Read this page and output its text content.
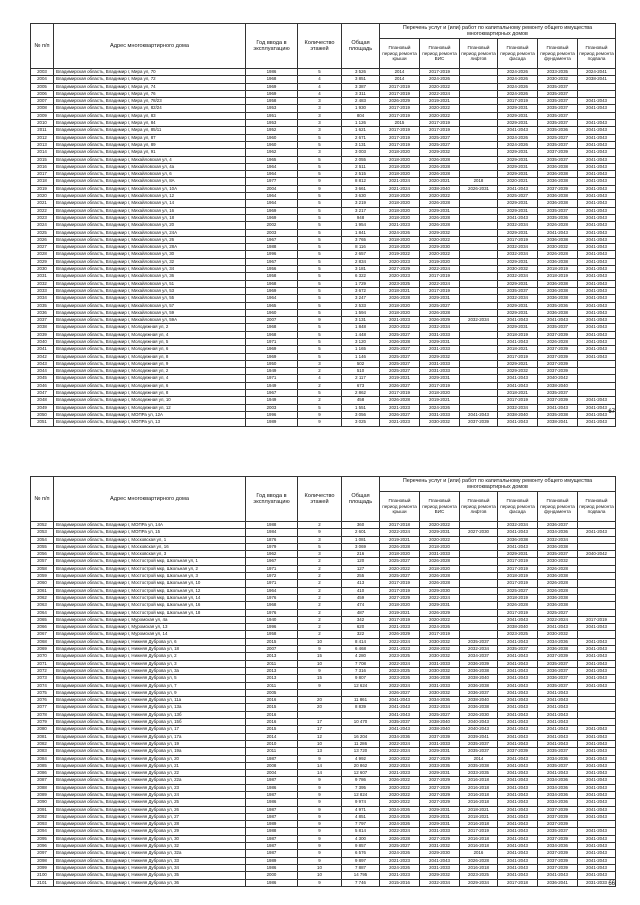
№ п/п	Адрес многоквартирного дома	Год ввода в эксплуатацию	Количество этажей	Общая площадь	Перечень услуг и (или) работ по капитальному ремонту общего имущества многоквартирных домов					
					Плановый период ремонта крыши	Плановый период ремонта ВИС	Плановый период ремонта лифтов	Плановый период ремонта фасада	Плановый период ремонта фундамента	Плановый период ремонта подвала
2003	Владимирская область, Владимир г, Мира ул, 70	1986	5	3 526	2014	2017-2019		2024-2026	2033-2035	2024-2041
2004	Владимирская область, Владимир г, Мира ул, 72	1968	4	3 851	2014	2024-2026		2024-2026	2030-2032	2038-2041
2005	Владимирская область, Владимир г, Мира ул, 74	1969	4	3 387	2017-2019	2020-2022		2024-2026	2035-2037	
2006	Владимирская область, Владимир г, Мира ул, 76	1969	4	3 311	2017-2019	2022-2024		2024-2026	2035-2037	
2007	Владимирская область, Владимир г, Мира ул, 78/23	1958	3	2 483	2026-2029	2019-2021		2017-2019	2035-2037	2041-2043
2008	Владимирская область, Владимир г, Мира ул, 82/24	1953	3	1 930	2017-2019	2020-2022		2029-2031	2035-2037	2041-2043
2009	Владимирская область, Владимир г, Мира ул, 83	1951	3	804	2017-2019	2020-2022		2029-2031	2035-2037	
2010	Владимирская область, Владимир г, Мира ул, 84	1953	3	1 126	2015	2017-2019		2029-2031	2035-2037	2041-2043
2011	Владимирская область, Владимир г, Мира ул, 85/11	1952	3	1 621	2017-2019	2017-2019		2041-2043	2035-2036	2041-2043
2012	Владимирская область, Владимир г, Мира ул, 87	1960	5	2 671	2017-2019	2025-2027		2024-2026	2025-2027	2041-2043
2013	Владимирская область, Владимир г, Мира ул, 89	1960	5	3 131	2017-2019	2025-2027		2024-2026	2035-2037	2041-2043
2014	Владимирская область, Владимир г, Мира ул, 91	1962	3	3 003	2018-2020	2029-2032		2029-2031	2037-2039	2041-2043
2015	Владимирская область, Владимир г, Михайловская ул, 4	1965	5	2 055	2018-2020	2026-2028		2029-2031	2035-2037	2041-2043
2016	Владимирская область, Владимир г, Михайловская ул, 4а	1964	5	2 511	2018-2020	2026-2028		2029-2031	2036-2038	2041-2043
2017	Владимирская область, Владимир г, Михайловская ул, 6	1964	5	2 515	2018-2020	2026-2028		2029-2031	2036-2038	2041-2043
2018	Владимирская область, Владимир г, Михайловская ул, 8А	1977	9	8 812	2021-2024	2020-2021	2018	2020-2021	2036-2038	2041-2043
2019	Владимирская область, Владимир г, Михайловская ул, 10А	2004	9	3 661	2021-2024	2038-2040	2026-2031	2041-2043	2037-2039	2041-2043
2020	Владимирская область, Владимир г, Михайловская ул, 12	1964	5	3 630	2018-2020	2020-2022		2025-2027	2036-2038	2041-2043
2021	Владимирская область, Владимир г, Михайловская ул, 14	1964	5	3 219	2018-2020	2026-2028		2029-2031	2036-2038	2041-2043
2022	Владимирская область, Владимир г, Михайловская ул, 16	1969	5	3 217	2018-2020	2029-2031		2029-2031	2035-2037	2041-2043
2023	Владимирская область, Владимир г, Михайловская ул, 18	1969	5	948	2018-2020	2026-2028		2041-2043	2035-2036	2041-2043
2024	Владимирская область, Владимир г, Михайловская ул, 20	2002	5	1 954	2021-2023	2026-2028		2032-2034	2026-2028	2041-2043
2025	Владимирская область, Владимир г, Михайловская ул, 24А	2003	5	1 841	2024-2026	2029-2032		2029-2031	2041-2043	2041-2043
2026	Владимирская область, Владимир г, Михайловская ул, 26	1967	5	3 765	2018-2020	2020-2022		2017-2019	2036-2038	2041-2043
2027	Владимирская область, Владимир г, Михайловская ул, 28А	1988	5	8 116	2018-2020	2029-2030		2032-2034	2030-2032	2041-2043
2028	Владимирская область, Владимир г, Михайловская ул, 30	1996	5	2 657	2019-2022	2020-2022		2032-2034	2026-2028	2041-2043
2029	Владимирская область, Владимир г, Михайловская ул, 32	1967	5	2 834	2020-2023	2019-2020		2029-2031	2036-2038	2041-2043
2030	Владимирская область, Владимир г, Михайловская ул, 34	1956	5	3 181	2027-2029	2022-2024		2030-2032	2018-2019	2041-2043
2031	Владимирская область, Владимир г, Михайловская ул, 36	1958	5	6 322	2020-2023	2017-2019		2032-2034	2018-2019	2041-2043
2032	Владимирская область, Владимир г, Михайловская ул, 51	1968	5	1 729	2023-2025	2022-2024		2029-2031	2036-2038	2041-2043
2033	Владимирская область, Владимир г, Михайловская ул, 53	1969	5	3 672	2018-2021	2017-2019		2035-2037	2036-2038	2041-2043
2034	Владимирская область, Владимир г, Михайловская ул, 55	1964	5	3 247	2026-2028	2029-2031		2032-2034	2036-2038	2041-2043
2035	Владимирская область, Владимир г, Михайловская ул, 57	1965	5	2 533	2018-2020	2025-2027		2029-2031	2035-2036	2041-2043
2036	Владимирская область, Владимир г, Михайловская ул, 59	1960	5	1 594	2018-2020	2026-2028		2029-2031	2036-2038	2041-2043
2037	Владимирская область, Владимир г, Михайловская ул, 59А	2007	9	3 131	2021-2023	2026-2029	2032-2034	2041-2043	2041-2043	2041-2043
2038	Владимирская область, Владимир г, Молодежная ул, 2	1968	5	1 848	2020-2022	2032-2034		2029-2031	2035-2037	2041-2043
2039	Владимирская область, Владимир г, Молодежная ул, 4	1968	5	1 448	2025-2027	2031-2033		2018-2019	2037-2039	2041-2043
2040	Владимирская область, Владимир г, Молодежная ул, 5	1971	5	3 120	2026-2028	2029-2031		2041-2043	2026-2028	2041-2043
2041	Владимирская область, Владимир г, Молодежная ул, 6	1969	5	1 165	2025-2027	2031-2033		2018-2021	2037-2039	2041-2043
2042	Владимирская область, Владимир г, Молодежная ул, 8	1969	5	1 146	2025-2027	2029-2032		2017-2019	2037-2039	2041-2043
2043	Владимирская область, Владимир г, Молодежная ул, 9	1950	3	502	2025-2027	2031-2033		2029-2021	2037-2039	
2044	Владимирская область, Владимир г, Молодежная ул, 2	1949	2	510	2025-2027	2031-2033		2029-2032	2037-2039	
2045	Владимирская область, Владимир г, Молодежная ул, 4	1971	4	2 117	2019-2021	2029-2031		2041-2043	2040-2042	
2046	Владимирская область, Владимир г, Молодежная ул, 6	1949	2	673	2026-2027	2017-2019		2041-2043	2038-2040	
2047	Владимирская область, Владимир г, Молодежная ул, 8	1967	5	2 862	2017-2019	2018-2020		2018-2021	2035-2037	
2048	Владимирская область, Владимир г, Молодежная ул, 10	1949	2	458	2026-2028	2019-2021		2017-2019	2037-2039	2041-2043
2049	Владимирская область, Владимир г, Молодежная ул, 12	2003	5	1 551	2021-2023	2024-2026		2032-2034	2041-2043	2041-2043
2050	Владимирская область, Владимир г, МОПРа ул, 12А	1996	9	3 056	2026-2027	2031-2033	2041-2043	2038-2040	2035-2038	2041-2043
2051	Владимирская область, Владимир г, МОПРа ул, 13	1989	9	3 025	2021-2023	2030-2032	2037-2039	2041-2043	2038-2041	2041-2043
67
№ п/п	Адрес многоквартирного дома	Год ввода в эксплуатацию	Количество этажей	Общая площадь	Перечень услуг и (или) работ по капитальному ремонту общего имущества многоквартирных домов					
					Плановый период ремонта крыши	Плановый период ремонта ВИС	Плановый период ремонта лифтов	Плановый период ремонта фасада	Плановый период ремонта фундамента	Плановый период ремонта подвала
2052	Владимирская область, Владимир г, МОПРа ул, 14А	1988	2	360	2017-2018	2020-2022		2032-2034	2036-2037	
2053	Владимирская область, Владимир г, МОПРа ул, 15	1984	9	2 601	2022-2024	2029-2031	2027-2030	2041-2043	2034-2036	2041-2043
2054	Владимирская область, Владимир г, Московская ул, 1	1876	3	1 081	2019-2021	2020-2022		2036-2038	2032-2034	
2055	Владимирская область, Владимир г, Московская ул, 16	1979	5	3 069	2026-2028	2018-2020		2041-2043	2036-2038	
2056	Владимирская область, Владимир г, Московская ул, 3	1962	3	216	2018-2020	2031-2033		2029-2031	2035-2037	2040-2042
2057	Владимирская область, Владимир г, Мостострой мкр, Школьная ул, 1	1967	2	120	2025-2027	2026-2028		2017-2019	2030-2032	
2058	Владимирская область, Владимир г, Мостострой мкр, Школьная ул, 2	1971	2	127	2020-2022	2018-2020		2017-2019	2026-2028	
2059	Владимирская область, Владимир г, Мостострой мкр, Школьная ул, 3	1972	2	255	2025-2027	2026-2028		2018-2019	2036-2038	
2060	Владимирская область, Владимир г, Мостострой мкр, Школьная ул, 10	1971	2	413	2017-2019	2026-2028		2017-2019	2026-2028	
2061	Владимирская область, Владимир г, Мостострой мкр, Школьная ул, 12	1964	2	410	2017-2019	2029-2030		2025-2027	2026-2028	
2062	Владимирская область, Владимир г, Мостострой мкр, Школьная ул, 14	1976	2	459	2027-2029	2022-2024		2018-2019	2036-2038	
2063	Владимирская область, Владимир г, Мостострой мкр, Школьная ул, 16	1968	2	474	2018-2020	2029-2031		2026-2028	2036-2038	
2064	Владимирская область, Владимир г, Мостострой мкр, Школьная ул, 18	1976	2	487	2019-2021	2026-2029		2017-2019	2025-2027	
2065	Владимирская область, Владимир г, Муромская ул, 4а	1940	2	342	2017-2019	2020-2022		2041-2043	2022-2024	2017-2019
2066	Владимирская область, Владимир г, Муромская ул, 13	1996	2	620	2021-2023	2024-2026		2038-2040	2041-2043	2041-2043
2067	Владимирская область, Владимир г, Муромская ул, 14	1958	2	322	2026-2029	2017-2019		2023-2025	2030-2032	
2068	Владимирская область, Владимир г, Нижняя Дуброва ул, 6	2015	10	8 414	2022-2024	2030-2032	2035-2037	2041-2043	2034-2036	2041-2043
2069	Владимирская область, Владимир г, Нижняя Дуброва ул, 18	2007	9	6 468	2021-2023	2028-2032	2032-2034	2035-2037	2036-2038	2041-2043
2070	Владимирская область, Владимир г, Нижняя Дуброва ул, 2	2013	15	4 280	2023-2025	2030-2032	2034-2037	2041-2043	2037-2039	2041-2043
2071	Владимирская область, Владимир г, Нижняя Дуброва ул, 3	2011	10	7 708	2022-2024	2031-2033	2036-2039	2041-2043	2035-2037	2041-2043
2072	Владимирская область, Владимир г, Нижняя Дуброва ул, 3а	2013	9	7 316	2023-2025	2030-2032	2036-2038	2041-2043	2036-2037	2041-2043
2073	Владимирская область, Владимир г, Нижняя Дуброва ул, 5	2013	15	9 807	2023-2026	2036-2038	2038-2040	2041-2043	2036-2037	2041-2043
2074	Владимирская область, Владимир г, Нижняя Дуброва ул, 7	2011	9	12 624	2022-2024	2031-2033	2036-2038	2041-2043	2035-2037	2041-2043
2075	Владимирская область, Владимир г, Нижняя Дуброва ул, 9	2005			2026-2027	2030-2032	2036-2037	2041-2043	2041-2043	
2076	Владимирская область, Владимир г, Нижняя Дуброва ул, 11а	2016	20	11 861	2041-2043	2034-2036	2038-2040	2041-2043	2041-2043	
2077	Владимирская область, Владимир г, Нижняя Дуброва ул, 13а	2015	20	8 839	2041-2043	2032-2034	2036-2038	2041-2043	2041-2043	
2078	Владимирская область, Владимир г, Нижняя Дуброва ул, 13б	2016			2041-2043	2025-2027	2026-2030	2041-2043	2041-2043	
2079	Владимирская область, Владимир г, Нижняя Дуброва ул, 15б	2016	17	10 470	2035-2037	2038-2040	2040-2043	2041-2043	2041-2043	
2080	Владимирская область, Владимир г, Нижняя Дуброва ул, 17	2015	17		2041-2043	2038-2040	2040-2043	2041-2043	2041-2043	2041-2043
2081	Владимирская область, Владимир г, Нижняя Дуброва ул, 17а	2014	12	16 204	2034-2036	2037-2039	2039-2041	2041-2043	2041-2043	2041-2043
2082	Владимирская область, Владимир г, Нижняя Дуброва ул, 19	2010	10	11 286	2022-2024	2031-2033	2035-2037	2041-2043	2041-2043	2041-2043
2083	Владимирская область, Владимир г, Нижняя Дуброва ул, 19а	2011	13	13 720	2022-2024	2029-2031	2035-2037	2037-2039	2035-2037	2041-2043
2084	Владимирская область, Владимир г, Нижняя Дуброва ул, 20	1987	9	4 992	2020-2022	2027-2029	2014	2041-2043	2034-2036	2041-2043
2085	Владимирская область, Владимир г, Нижняя Дуброва ул, 21	2008	14	20 862	2022-2024	2033-2035	2035-2038	2041-2043	2035-2037	2041-2043
2086	Владимирская область, Владимир г, Нижняя Дуброва ул, 22	2004	14	12 607	2021-2023	2029-2031	2033-2035	2041-2043	2041-2043	2041-2043
2087	Владимирская область, Владимир г, Нижняя Дуброва ул, 22а	1987	9	9 786	2026-2022	2027-2029	2016-2018	2041-2043	2034-2036	2041-2043
2088	Владимирская область, Владимир г, Нижняя Дуброва ул, 23	1986	9	7 395	2020-2022	2027-2029	2016-2018	2041-2043	2034-2036	2041-2043
2089	Владимирская область, Владимир г, Нижняя Дуброва ул, 24	1987	9	12 824	2020-2022	2027-2029	2016-2018	2041-2043	2034-2036	2041-2043
2090	Владимирская область, Владимир г, Нижняя Дуброва ул, 25	1986	9	9 974	2020-2022	2027-2029	2016-2018	2041-2043	2034-2036	2041-2043
2091	Владимирская область, Владимир г, Нижняя Дуброва ул, 26	1987	9	4 971	2024-2026	2029-2031	2018-2021	2041-2043	2037-2039	2041-2043
2092	Владимирская область, Владимир г, Нижняя Дуброва ул, 27	1987	9	4 851	2024-2026	2029-2031	2018-2021	2041-2043	2037-2039	2041-2043
2093	Владимирская область, Владимир г, Нижняя Дуброва ул, 28	1989	9	7 797	2024-2026	2029-2031	2016-2018	2041-2043	2037-2039	
2094	Владимирская область, Владимир г, Нижняя Дуброва ул, 29	1988	9	5 814	2022-2024	2031-2033	2017-2019	2041-2043	2035-2037	2041-2043
2095	Владимирская область, Владимир г, Нижняя Дуброва ул, 30	1987	9	4 300	2026-2028	2027-2029	2016-2018	2041-2043	2037-2039	2041-2043
2096	Владимирская область, Владимир г, Нижняя Дуброва ул, 32	1987	9	9 857	2025-2027	2031-2032	2016-2018	2041-2043	2034-2036	2041-2043
2097	Владимирская область, Владимир г, Нижняя Дуброва ул, 32а	1987	9	6 576	2024-2026	2029-2030	2016	2041-2043	2037-2039	2041-2043
2098	Владимирская область, Владимир г, Нижняя Дуброва ул, 33	1989	9	9 897	2021-2023	2041-2043	2026-2028	2041-2043	2037-2039	2041-2043
2099	Владимирская область, Владимир г, Нижняя Дуброва ул, 34	1986	10	7 887	2024-2026	2031-2033	2016-2018	2041-2043	2037-2039	2041-2043
2100	Владимирская область, Владимир г, Нижняя Дуброва ул, 35	2000	10	14 795	2021-2023	2029-2032	2023-2025	2041-2043	2041-2043	2041-2043
2101	Владимирская область, Владимир г, Нижняя Дуброва ул, 36	1986	9	7 746	2015-2016	2032-2034	2029-2034	2017-2018	2036-2041	2031-2033 66
